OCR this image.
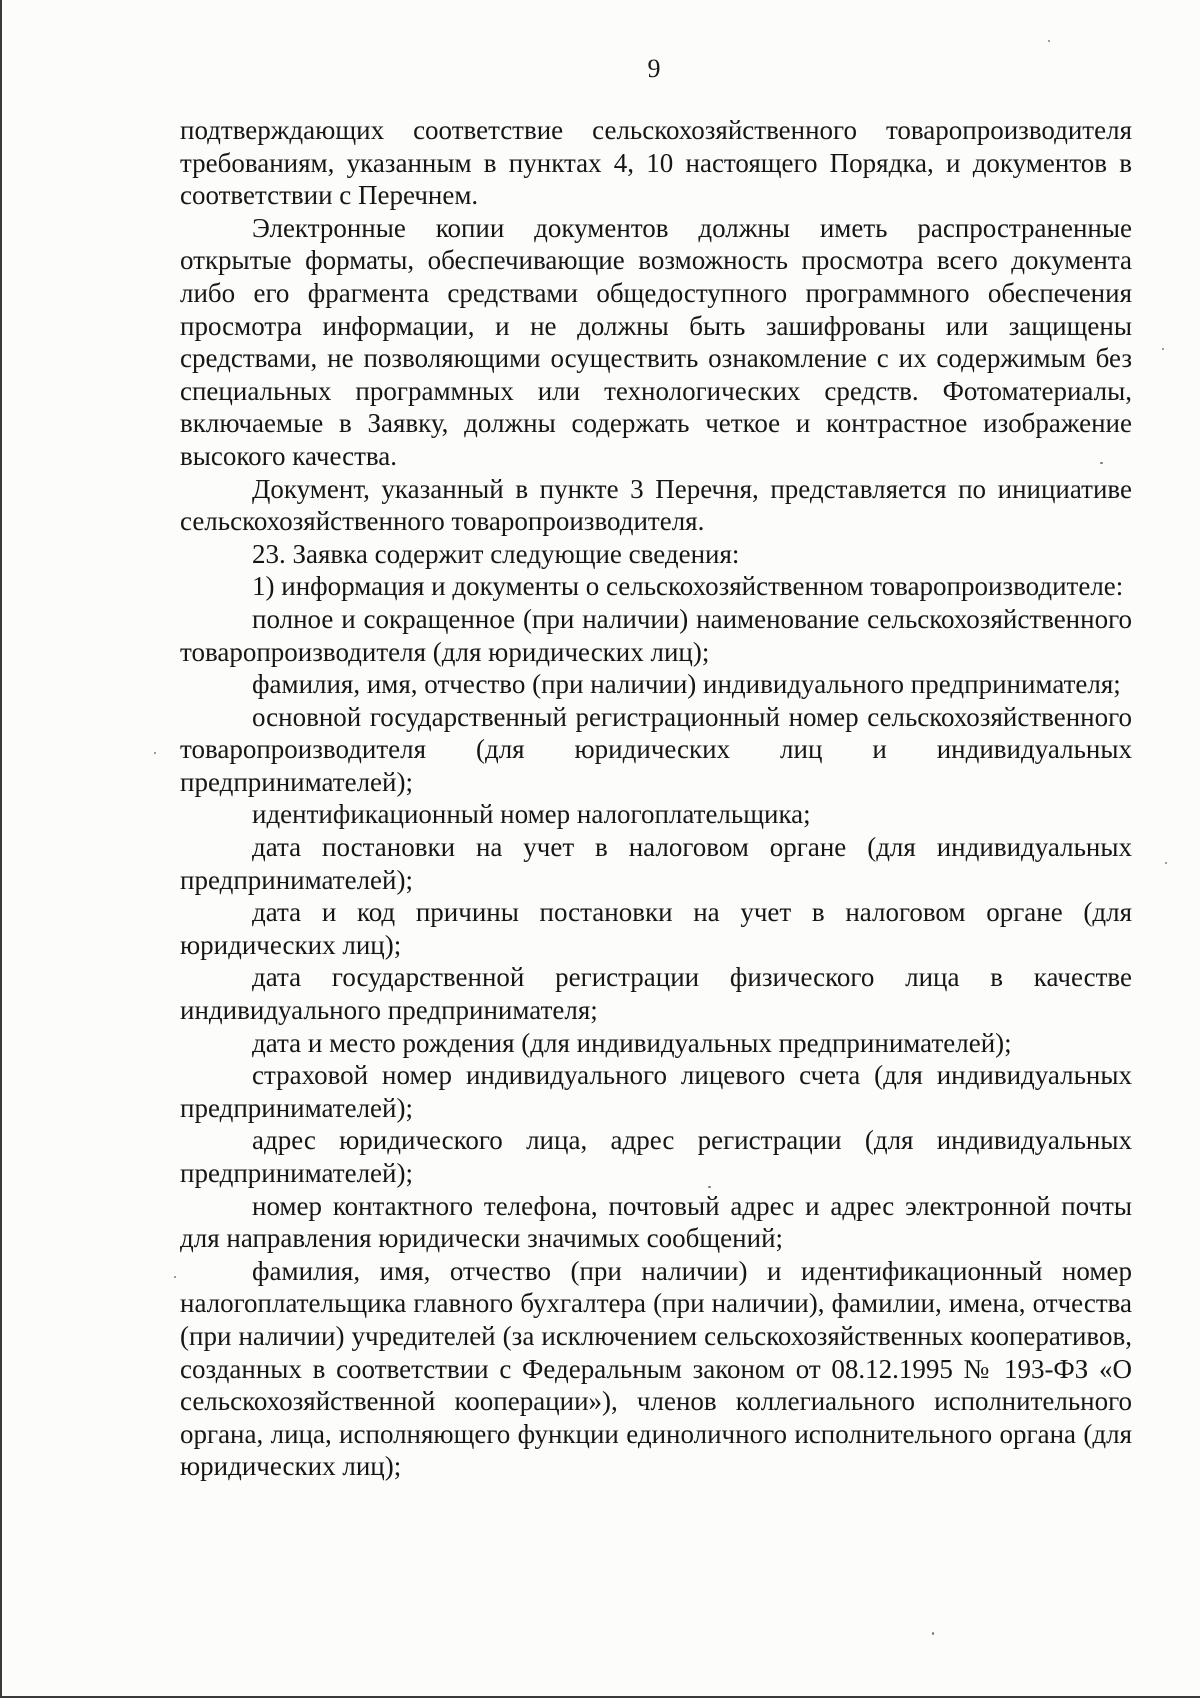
9

подтверждающих соответствие сельскохозяйственного товаропроизводителя требованиям, указанным в пунктах 4, 10 настоящего Порядка, и документов в соответствии с Перечнем.

Электронные копии документов должны иметь распространенные открытые форматы, обеспечивающие возможность просмотра всего документа либо его фрагмента средствами общедоступного программного обеспечения просмотра информации, и не должны быть зашифрованы или защищены средствами, не позволяющими осуществить ознакомление с их содержимым без специальных программных или технологических средств. Фотоматериалы, включаемые в Заявку, должны содержать четкое и контрастное изображение высокого качества.

Документ, указанный в пункте 3 Перечня, представляется по инициативе сельскохозяйственного товаропроизводителя.

23. Заявка содержит следующие сведения:

1) информация и документы о сельскохозяйственном товаропроизводителе:

полное и сокращенное (при наличии) наименование сельскохозяйственного товаропроизводителя (для юридических лиц);

фамилия, имя, отчество (при наличии) индивидуального предпринимателя;

основной государственный регистрационный номер сельскохозяйственного товаропроизводителя (для юридических лиц и индивидуальных предпринимателей);

идентификационный номер налогоплательщика;

дата постановки на учет в налоговом органе (для индивидуальных предпринимателей);

дата и код причины постановки на учет в налоговом органе (для юридических лиц);

дата государственной регистрации физического лица в качестве индивидуального предпринимателя;

дата и место рождения (для индивидуальных предпринимателей);

страховой номер индивидуального лицевого счета (для индивидуальных предпринимателей);

адрес юридического лица, адрес регистрации (для индивидуальных предпринимателей);

номер контактного телефона, почтовый адрес и адрес электронной почты для направления юридически значимых сообщений;

фамилия, имя, отчество (при наличии) и идентификационный номер налогоплательщика главного бухгалтера (при наличии), фамилии, имена, отчества (при наличии) учредителей (за исключением сельскохозяйственных кооперативов, созданных в соответствии с Федеральным законом от 08.12.1995 № 193-ФЗ «О сельскохозяйственной кооперации»), членов коллегиального исполнительного органа, лица, исполняющего функции единоличного исполнительного органа (для юридических лиц);
